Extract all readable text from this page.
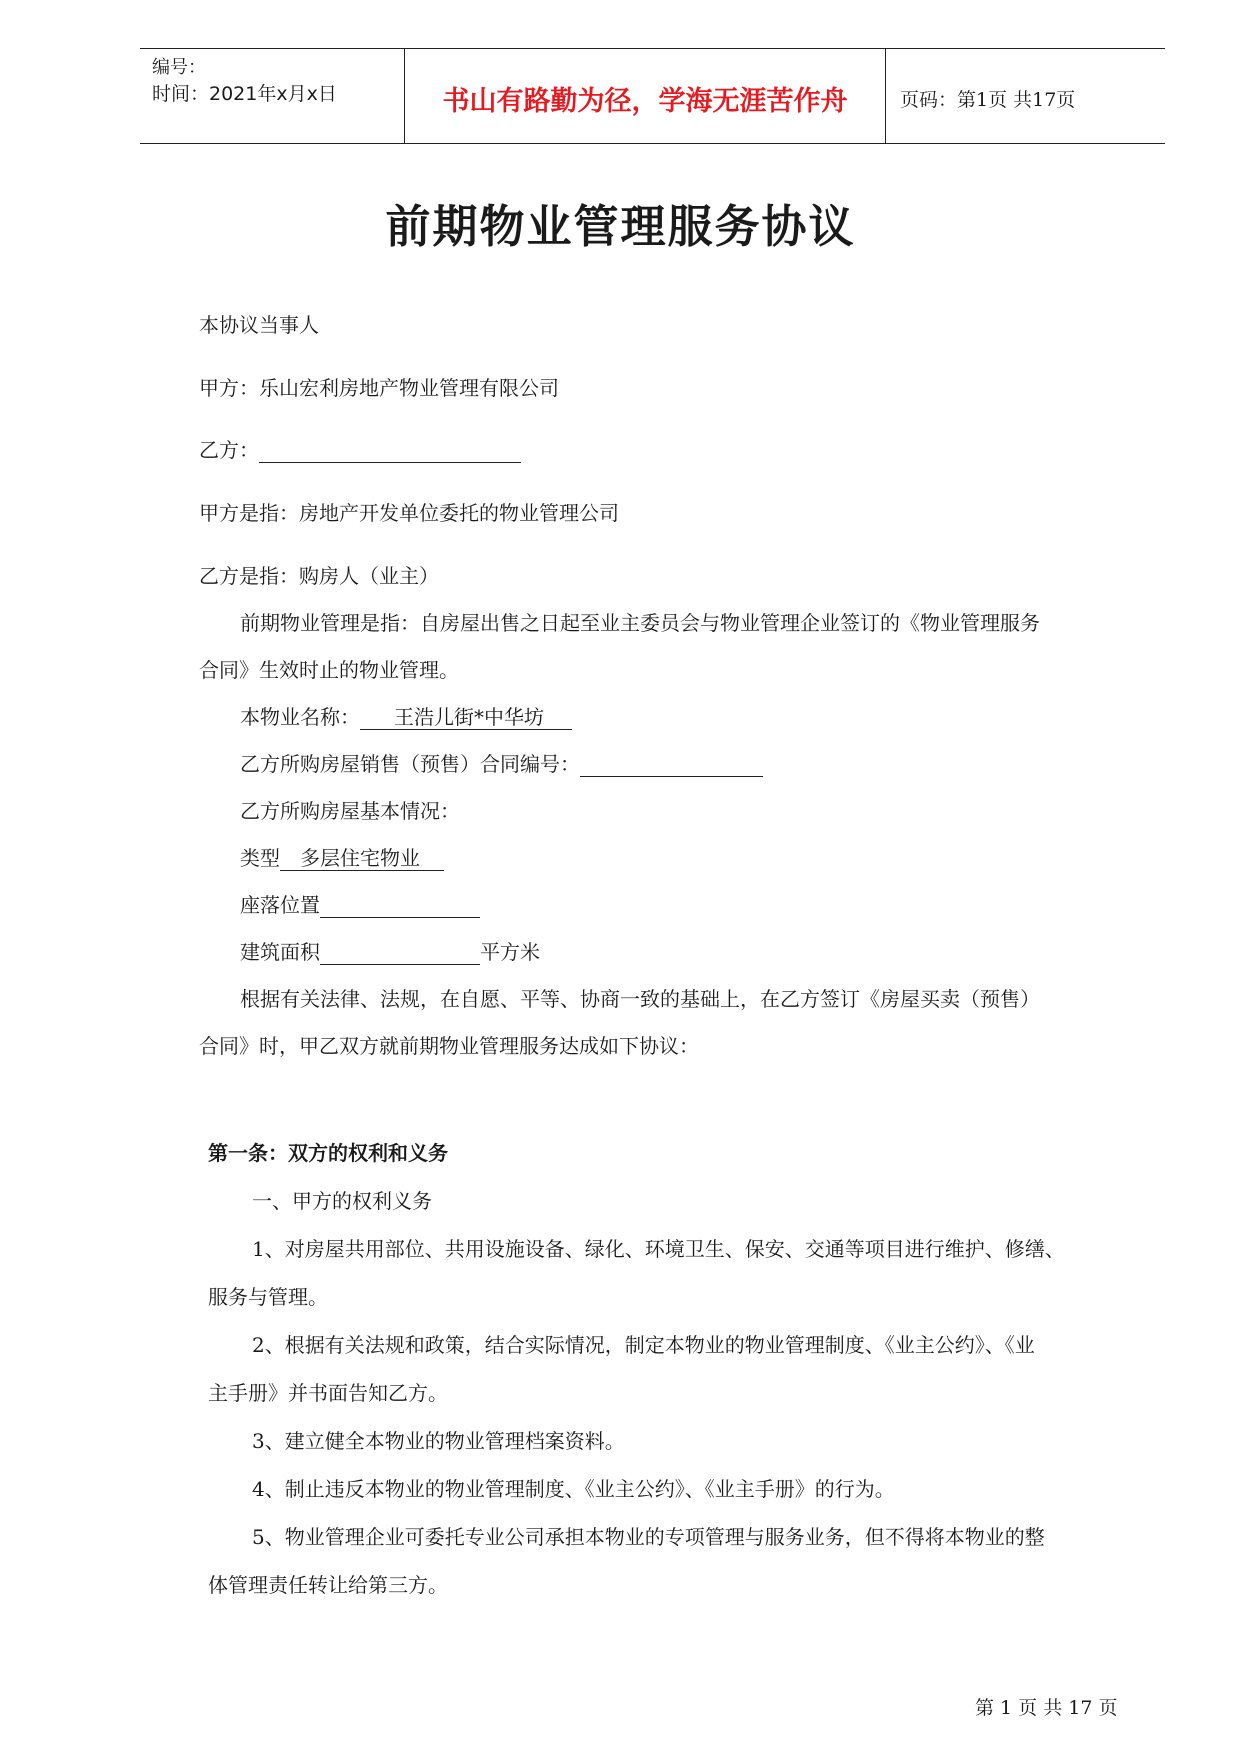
编号：
时间：2021年x月x日	书山有路勤为径，学海无涯苦作舟	页码：第1页 共17页
前期物业管理服务协议
本协议当事人
甲方：乐山宏利房地产物业管理有限公司
乙方：
甲方是指：房地产开发单位委托的物业管理公司
乙方是指：购房人（业主）
前期物业管理是指：自房屋出售之日起至业主委员会与物业管理企业签订的《物业管理服务
合同》生效时止的物业管理。
本物业名称： 王浩儿街*中华坊
乙方所购房屋销售（预售）合同编号：
乙方所购房屋基本情况：
类型 多层住宅物业
座落位置
建筑面积	平方米
根据有关法律、法规，在自愿、平等、协商一致的基础上，在乙方签订《房屋买卖（预售）
合同》时，甲乙双方就前期物业管理服务达成如下协议：
第一条：双方的权利和义务
一、甲方的权利义务
1、对房屋共用部位、共用设施设备、绿化、环境卫生、保安、交通等项目进行维护、修缮、
服务与管理。
2、根据有关法规和政策，结合实际情况，制定本物业的物业管理制度、《业主公约》、《业
主手册》并书面告知乙方。
3、建立健全本物业的物业管理档案资料。
4、制止违反本物业的物业管理制度、《业主公约》、《业主手册》的行为。
5、物业管理企业可委托专业公司承担本物业的专项管理与服务业务，但不得将本物业的整
体管理责任转让给第三方。
第 1 页 共 17 页
